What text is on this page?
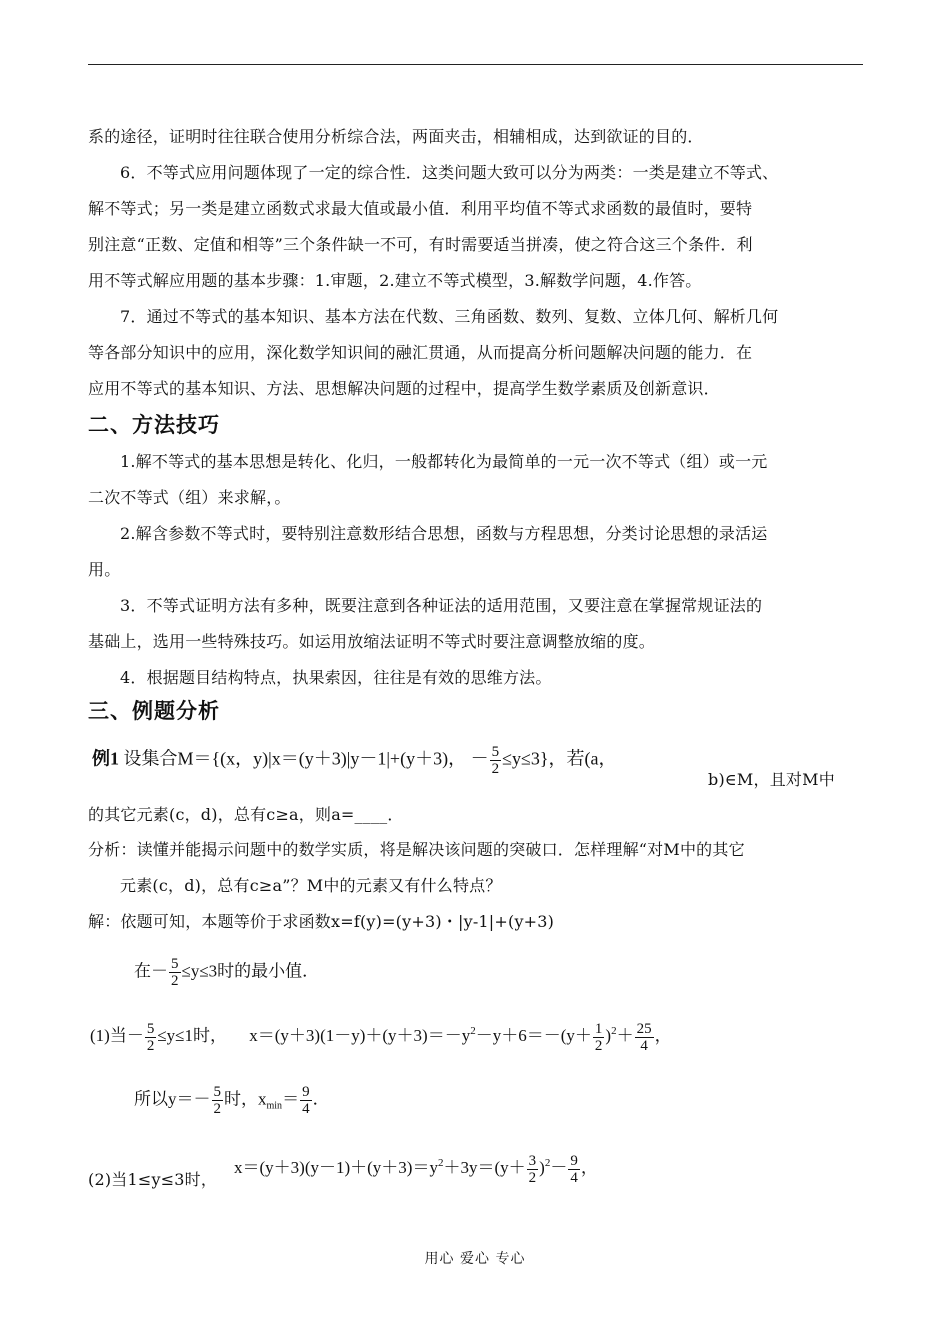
系的途径，证明时往往联合使用分析综合法，两面夹击，相辅相成，达到欲证的目的．
6．不等式应用问题体现了一定的综合性．这类问题大致可以分为两类：一类是建立不等式、
解不等式；另一类是建立函数式求最大值或最小值．利用平均值不等式求函数的最值时，要特
别注意“正数、定值和相等”三个条件缺一不可，有时需要适当拼凑，使之符合这三个条件．利
用不等式解应用题的基本步骤：1.审题，2.建立不等式模型，3.解数学问题，4.作答。
7．通过不等式的基本知识、基本方法在代数、三角函数、数列、复数、立体几何、解析几何
等各部分知识中的应用，深化数学知识间的融汇贯通，从而提高分析问题解决问题的能力．在
应用不等式的基本知识、方法、思想解决问题的过程中，提高学生数学素质及创新意识．
二、方法技巧
1.解不等式的基本思想是转化、化归，一般都转化为最简单的一元一次不等式（组）或一元
二次不等式（组）来求解，。
2.解含参数不等式时，要特别注意数形结合思想，函数与方程思想，分类讨论思想的录活运
用。
3．不等式证明方法有多种，既要注意到各种证法的适用范围，又要注意在掌握常规证法的
基础上，选用一些特殊技巧。如运用放缩法证明不等式时要注意调整放缩的度。
4．根据题目结构特点，执果索因，往往是有效的思维方法。
三、例题分析
例1 设集合M＝{(x，y)|x＝(y＋3)|y－1|+(y＋3)， － $\frac{5}{2} \le y\le 3$}，若(a，
b)∈M，且对M中
的其它元素(c，d)，总有c≥a，则a=____．
分析：读懂并能揭示问题中的数学实质，将是解决该问题的突破口．怎样理解“对M中的其它
元素(c，d)，总有c≥a”？M中的元素又有什么特点？
解：依题可知，本题等价于求函数x=f(y)=(y+3)・|y-1|+(y+3)
在－ $\frac{5}{2} \le y\le 3$时的最小值．
(1)当－ $\frac{5}{2} \le y\le 1$时， $x=(y+3)(1-y)+(y+3)=-y^2-y+6=-(y+ \frac{1}{2} )^2+ \frac{25}{4}$ ，
所以$y=- \frac{5}{2}$ 时，$x_{min}= \frac{9}{4}$ ．
$x=(y+3)(y-1)+(y+3)=y^2+3y=(y+ \frac{3}{2} )^2- \frac{9}{4}$ ，
(2)当1≤y≤3时，
用心 爱心 专心
